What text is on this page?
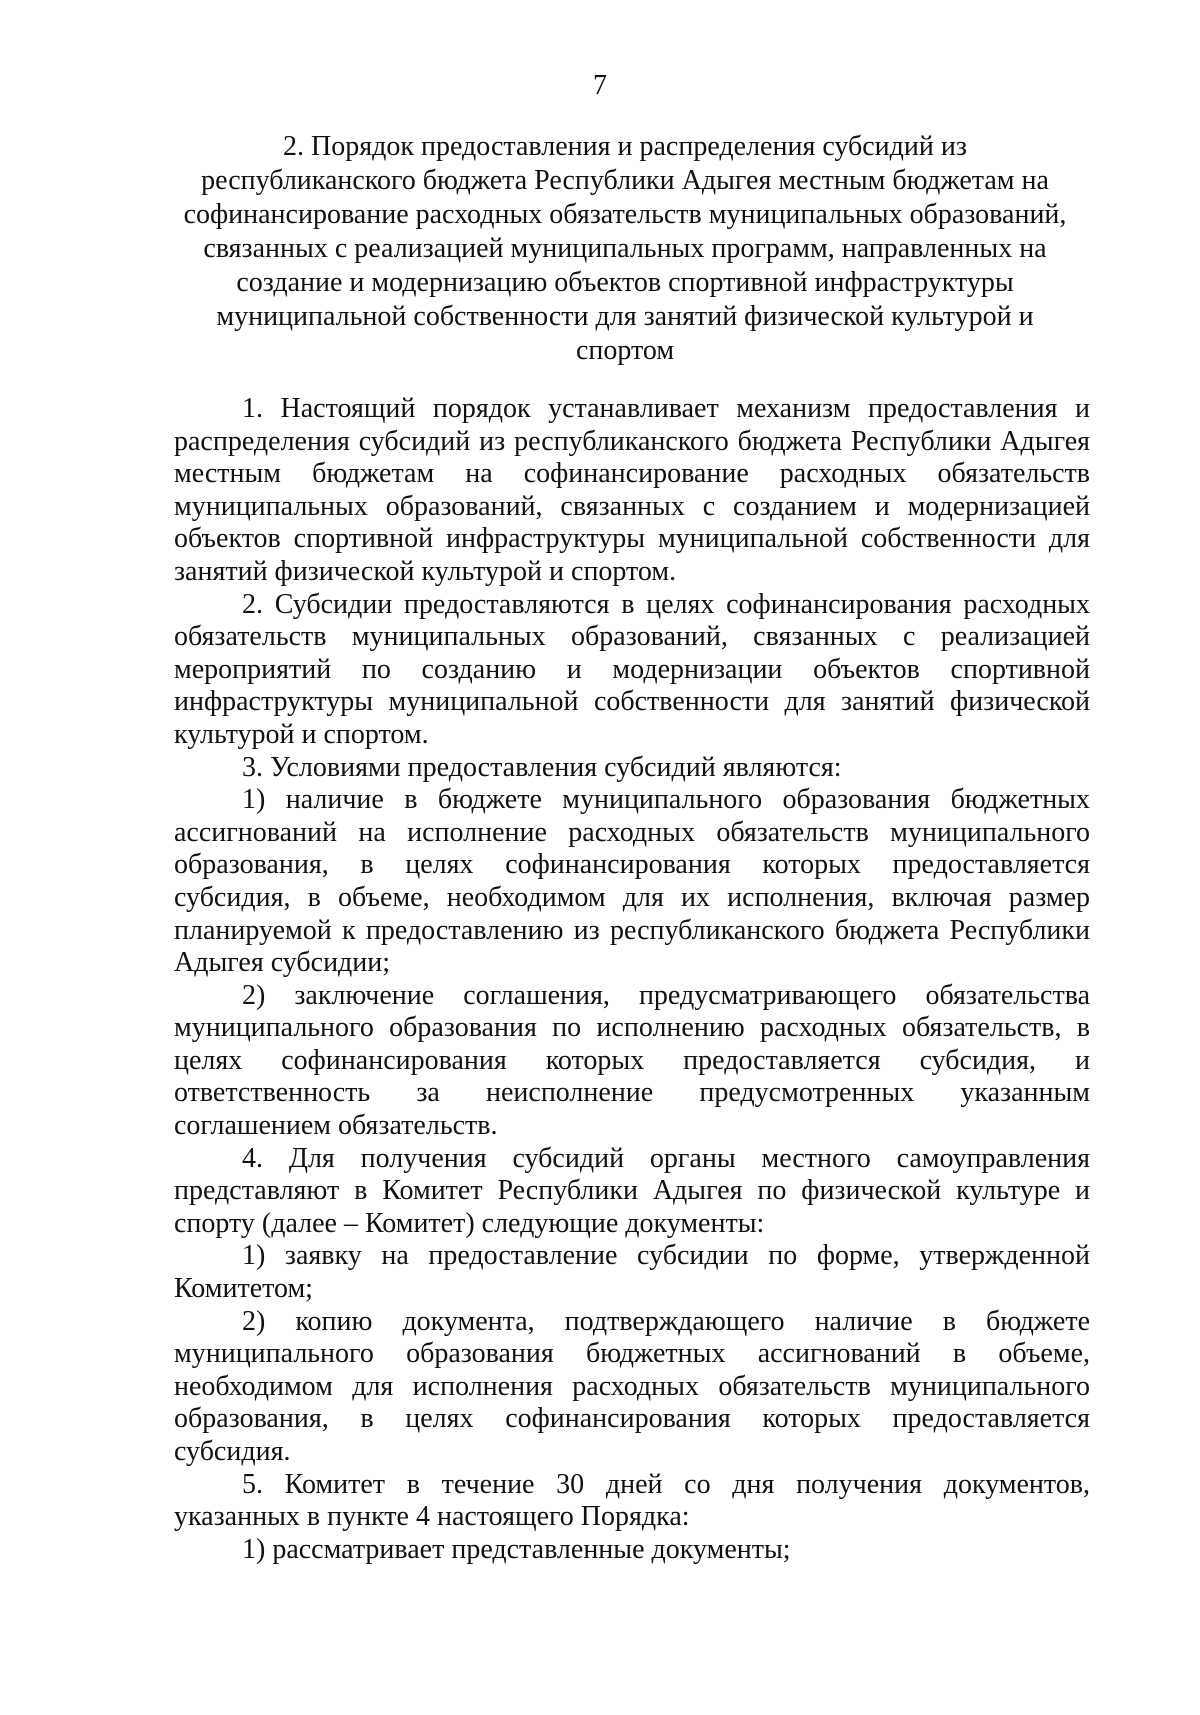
7
2. Порядок предоставления и распределения субсидий из
республиканского бюджета Республики Адыгея местным бюджетам на
софинансирование расходных обязательств муниципальных образований,
связанных с реализацией муниципальных программ, направленных на
создание и модернизацию объектов спортивной инфраструктуры
муниципальной собственности для занятий физической культурой и
спортом

1. Настоящий порядок устанавливает механизм предоставления и распределения субсидий из республиканского бюджета Республики Адыгея местным бюджетам на софинансирование расходных обязательств муниципальных образований, связанных с созданием и модернизацией объектов спортивной инфраструктуры муниципальной собственности для занятий физической культурой и спортом.

2. Субсидии предоставляются в целях софинансирования расходных обязательств муниципальных образований, связанных с реализацией мероприятий по созданию и модернизации объектов спортивной инфраструктуры муниципальной собственности для занятий физической культурой и спортом.

3. Условиями предоставления субсидий являются:

1) наличие в бюджете муниципального образования бюджетных ассигнований на исполнение расходных обязательств муниципального образования, в целях софинансирования которых предоставляется субсидия, в объеме, необходимом для их исполнения, включая размер планируемой к предоставлению из республиканского бюджета Республики Адыгея субсидии;

2) заключение соглашения, предусматривающего обязательства муниципального образования по исполнению расходных обязательств, в целях софинансирования которых предоставляется субсидия, и ответственность за неисполнение предусмотренных указанным соглашением обязательств.

4. Для получения субсидий органы местного самоуправления представляют в Комитет Республики Адыгея по физической культуре и спорту (далее – Комитет) следующие документы:

1) заявку на предоставление субсидии по форме, утвержденной Комитетом;

2) копию документа, подтверждающего наличие в бюджете муниципального образования бюджетных ассигнований в объеме, необходимом для исполнения расходных обязательств муниципального образования, в целях софинансирования которых предоставляется субсидия.

5. Комитет в течение 30 дней со дня получения документов, указанных в пункте 4 настоящего Порядка:

1) рассматривает представленные документы;
